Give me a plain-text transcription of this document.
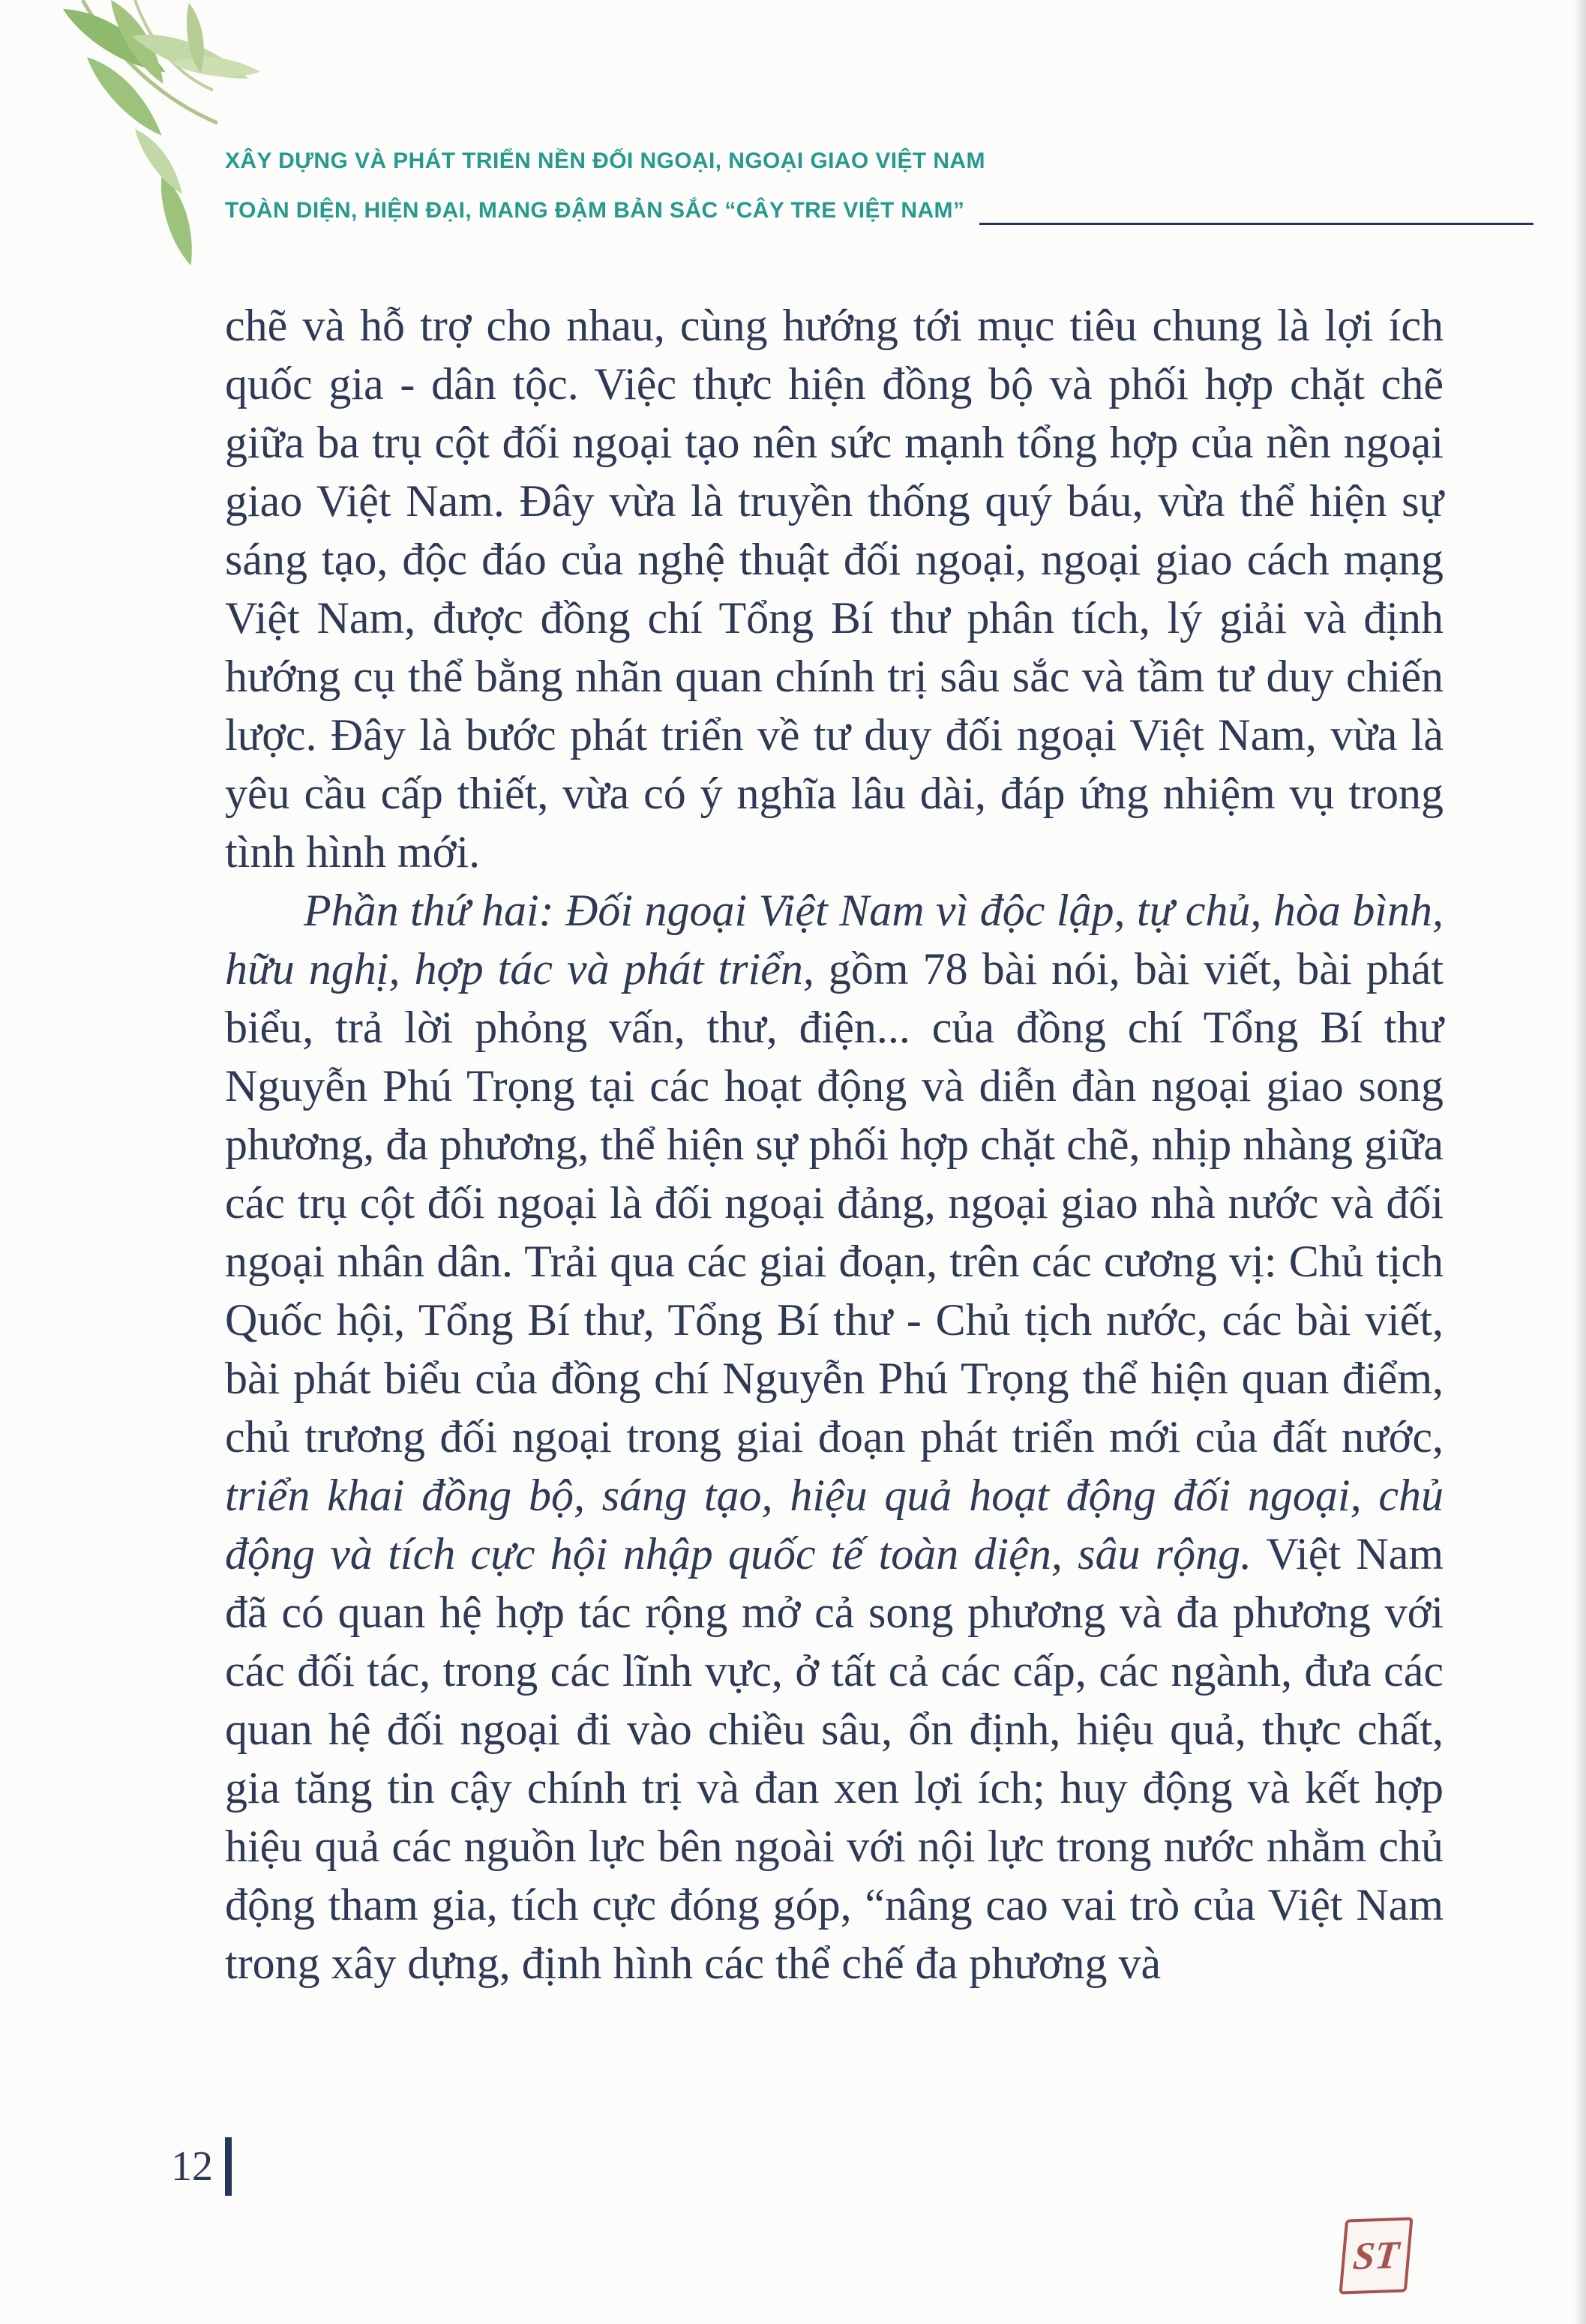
XÂY DỰNG VÀ PHÁT TRIỂN NỀN ĐỐI NGOẠI, NGOẠI GIAO VIỆT NAM
TOÀN DIỆN, HIỆN ĐẠI, MANG ĐẬM BẢN SẮC “CÂY TRE VIỆT NAM”

chẽ và hỗ trợ cho nhau, cùng hướng tới mục tiêu chung là lợi ích quốc gia - dân tộc. Việc thực hiện đồng bộ và phối hợp chặt chẽ giữa ba trụ cột đối ngoại tạo nên sức mạnh tổng hợp của nền ngoại giao Việt Nam. Đây vừa là truyền thống quý báu, vừa thể hiện sự sáng tạo, độc đáo của nghệ thuật đối ngoại, ngoại giao cách mạng Việt Nam, được đồng chí Tổng Bí thư phân tích, lý giải và định hướng cụ thể bằng nhãn quan chính trị sâu sắc và tầm tư duy chiến lược. Đây là bước phát triển về tư duy đối ngoại Việt Nam, vừa là yêu cầu cấp thiết, vừa có ý nghĩa lâu dài, đáp ứng nhiệm vụ trong tình hình mới.

Phần thứ hai: Đối ngoại Việt Nam vì độc lập, tự chủ, hòa bình, hữu nghị, hợp tác và phát triển, gồm 78 bài nói, bài viết, bài phát biểu, trả lời phỏng vấn, thư, điện... của đồng chí Tổng Bí thư Nguyễn Phú Trọng tại các hoạt động và diễn đàn ngoại giao song phương, đa phương, thể hiện sự phối hợp chặt chẽ, nhịp nhàng giữa các trụ cột đối ngoại là đối ngoại đảng, ngoại giao nhà nước và đối ngoại nhân dân. Trải qua các giai đoạn, trên các cương vị: Chủ tịch Quốc hội, Tổng Bí thư, Tổng Bí thư - Chủ tịch nước, các bài viết, bài phát biểu của đồng chí Nguyễn Phú Trọng thể hiện quan điểm, chủ trương đối ngoại trong giai đoạn phát triển mới của đất nước, triển khai đồng bộ, sáng tạo, hiệu quả hoạt động đối ngoại, chủ động và tích cực hội nhập quốc tế toàn diện, sâu rộng. Việt Nam đã có quan hệ hợp tác rộng mở cả song phương và đa phương với các đối tác, trong các lĩnh vực, ở tất cả các cấp, các ngành, đưa các quan hệ đối ngoại đi vào chiều sâu, ổn định, hiệu quả, thực chất, gia tăng tin cậy chính trị và đan xen lợi ích; huy động và kết hợp hiệu quả các nguồn lực bên ngoài với nội lực trong nước nhằm chủ động tham gia, tích cực đóng góp, “nâng cao vai trò của Việt Nam trong xây dựng, định hình các thể chế đa phương và

12
ST
